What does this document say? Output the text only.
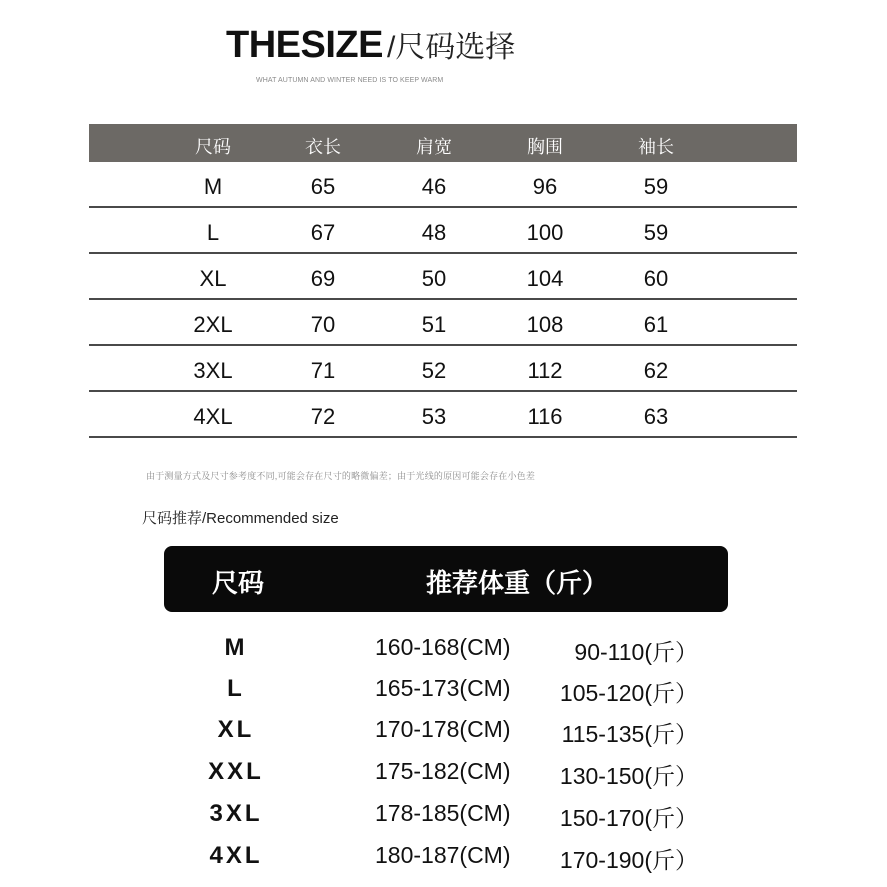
THESIZE /尺码选择
WHAT AUTUMN AND WINTER NEED IS TO KEEP WARM
尺码	衣长	肩宽	胸围	袖长
M	65	46	96	59
L	67	48	100	59
XL	69	50	104	60
2XL	70	51	108	61
3XL	71	52	112	62
4XL	72	53	116	63
由于测量方式及尺寸参考度不同,可能会存在尺寸的略微偏差；由于光线的原因可能会存在小色差
尺码推荐/Recommended size
尺码	推荐体重（斤）
M	160-168(CM)	90-110(斤）
L	165-173(CM) 105-120(斤）
XL	170-178(CM) 115-135(斤）
XXL	175-182(CM) 130-150(斤）
3XL	178-185(CM) 150-170(斤）
4XL	180-187(CM) 170-190(斤）
